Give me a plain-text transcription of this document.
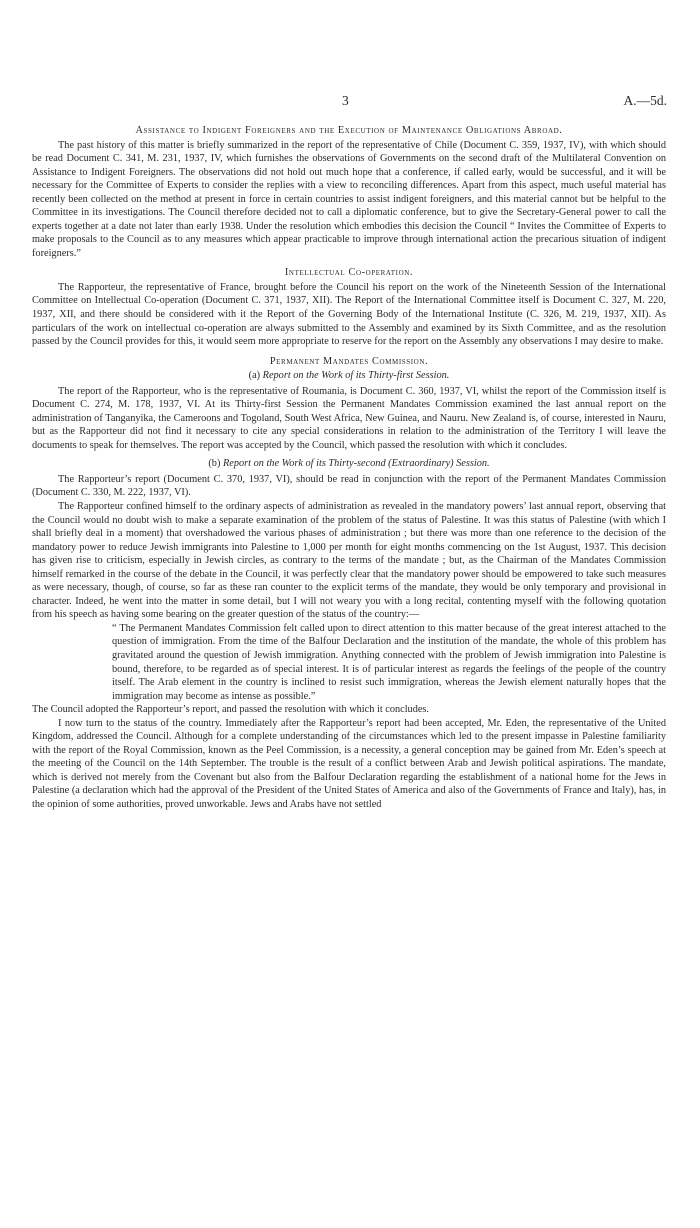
3	A.—5d.
Assistance to Indigent Foreigners and the Execution of Maintenance Obligations Abroad.

The past history of this matter is briefly summarized in the report of the representative of Chile (Document C. 359, 1937, IV), with which should be read Document C. 341, M. 231, 1937, IV, which furnishes the observations of Governments on the second draft of the Multilateral Convention on Assistance to Indigent Foreigners. The observations did not hold out much hope that a conference, if called early, would be successful, and it will be necessary for the Committee of Experts to consider the replies with a view to reconciling differences. Apart from this aspect, much useful material has recently been collected on the method at present in force in certain countries to assist indigent foreigners, and this material cannot but be helpful to the Committee in its investigations. The Council therefore decided not to call a diplomatic conference, but to give the Secretary-General power to call the experts together at a date not later than early 1938. Under the resolution which embodies this decision the Council “ Invites the Committee of Experts to make proposals to the Council as to any measures which appear practicable to improve through international action the precarious situation of indigent foreigners.”

Intellectual Co-operation.

The Rapporteur, the representative of France, brought before the Council his report on the work of the Nineteenth Session of the International Committee on Intellectual Co-operation (Document C. 371, 1937, XII). The Report of the International Committee itself is Document C. 327, M. 220, 1937, XII, and there should be considered with it the Report of the Governing Body of the International Institute (C. 326, M. 219, 1937, XII). As particulars of the work on intellectual co-operation are always submitted to the Assembly and examined by its Sixth Committee, and as the resolution passed by the Council provides for this, it would seem more appropriate to reserve for the report on the Assembly any observations I may desire to make.

Permanent Mandates Commission.
(a) Report on the Work of its Thirty-first Session.

The report of the Rapporteur, who is the representative of Roumania, is Document C. 360, 1937, VI, whilst the report of the Commission itself is Document C. 274, M. 178, 1937, VI. At its Thirty-first Session the Permanent Mandates Commission examined the last annual report on the administration of Tanganyika, the Cameroons and Togoland, South West Africa, New Guinea, and Nauru. New Zealand is, of course, interested in Nauru, but as the Rapporteur did not find it necessary to cite any special considerations in relation to the administration of the Territory I will leave the documents to speak for themselves. The report was accepted by the Council, which passed the resolution with which it concludes.

(b) Report on the Work of its Thirty-second (Extraordinary) Session.

The Rapporteur’s report (Document C. 370, 1937, VI), should be read in conjunction with the report of the Permanent Mandates Commission (Document C. 330, M. 222, 1937, VI).

The Rapporteur confined himself to the ordinary aspects of administration as revealed in the mandatory powers’ last annual report, observing that the Council would no doubt wish to make a separate examination of the problem of the status of Palestine. It was this status of Palestine (with which I shall briefly deal in a moment) that overshadowed the various phases of administration ; but there was more than one reference to the decision of the mandatory power to reduce Jewish immigrants into Palestine to 1,000 per month for eight months commencing on the 1st August, 1937. This decision has given rise to criticism, especially in Jewish circles, as contrary to the terms of the mandate ; but, as the Chairman of the Mandates Commission himself remarked in the course of the debate in the Council, it was perfectly clear that the mandatory power should be empowered to take such measures as were necessary, though, of course, so far as these ran counter to the explicit terms of the mandate, they would be only temporary and provisional in character. Indeed, he went into the matter in some detail, but I will not weary you with a long recital, contenting myself with the following quotation from his speech as having some bearing on the greater question of the status of the country:—

“ The Permanent Mandates Commission felt called upon to direct attention to this matter because of the great interest attached to the question of immigration. From the time of the Balfour Declaration and the institution of the mandate, the whole of this problem has gravitated around the question of Jewish immigration. Anything connected with the problem of Jewish immigration into Palestine is bound, therefore, to be regarded as of special interest. It is of particular interest as regards the feelings of the people of the country itself. The Arab element in the country is inclined to resist such immigration, whereas the Jewish element naturally hopes that the immigration may become as intense as possible.”

The Council adopted the Rapporteur’s report, and passed the resolution with which it concludes.

I now turn to the status of the country. Immediately after the Rapporteur’s report had been accepted, Mr. Eden, the representative of the United Kingdom, addressed the Council. Although for a complete understanding of the circumstances which led to the present impasse in Palestine familiarity with the report of the Royal Commission, known as the Peel Commission, is a necessity, a general conception may be gained from Mr. Eden’s speech at the meeting of the Council on the 14th September. The trouble is the result of a conflict between Arab and Jewish political aspirations. The mandate, which is derived not merely from the Covenant but also from the Balfour Declaration regarding the establishment of a national home for the Jews in Palestine (a declaration which had the approval of the President of the United States of America and also of the Governments of France and Italy), has, in the opinion of some authorities, proved unworkable. Jews and Arabs have not settled
